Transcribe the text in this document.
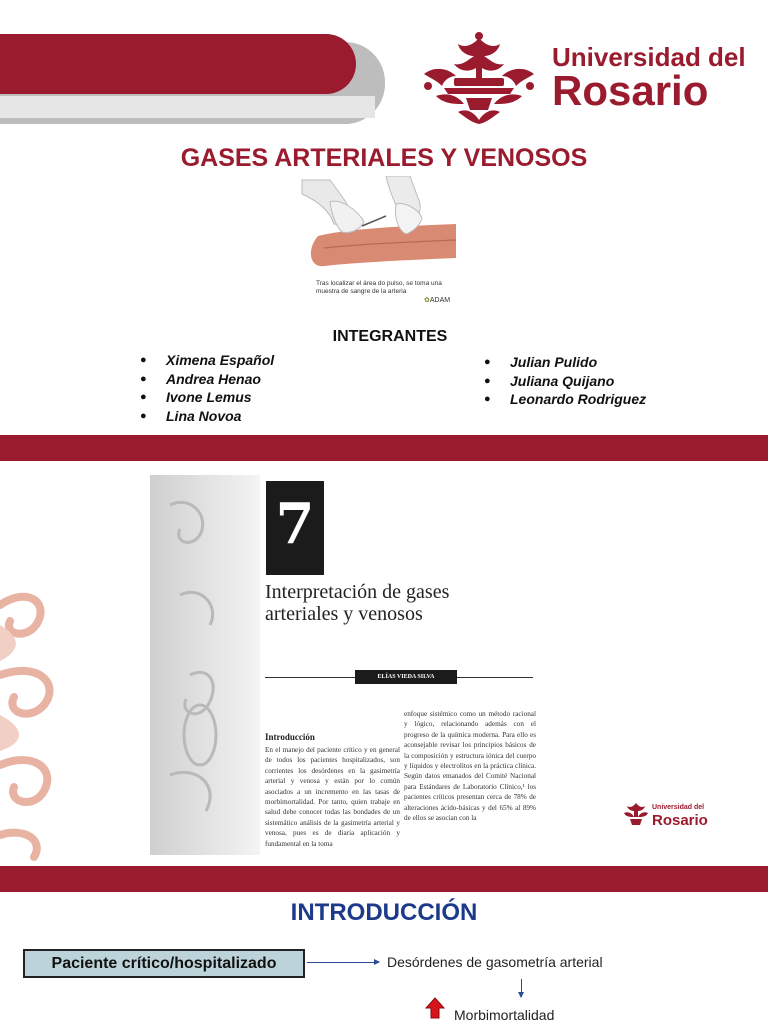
Universidad del
Rosario
GASES ARTERIALES Y VENOSOS
Tras localizar el área do pulso, se toma una muestra de sangre de la arteria
✿ADAM
INTEGRANTES
● Ximena Español
● Andrea Henao
● Ivone Lemus
● Lina Novoa
● Julian Pulido
● Juliana Quijano
● Leonardo Rodriguez
7
Interpretación de gases arteriales y venosos
ELÍAS VIEDA SILVA
Introducción
En el manejo del paciente crítico y en general de todos los pacientes hospitalizados, son corrientes los desórdenes en la gasimetría arterial y venosa y están por lo común asociados a un incremento en las tasas de morbimortalidad. Por tanto, quien trabaje en salud debe conocer todas las bondades de un sistemático análisis de la gasimetría arterial y venosa, pues es de diaria aplicación y fundamental en la toma
enfoque sistémico como un método racional y lógico, relacionando además con el progreso de la química moderna. Para ello es aconsejable revisar los principios básicos de la composición y estructura iónica del cuerpo y líquidos y electrolitos en la práctica clínica. Según datos emanados del Comité Nacional para Estándares de Laboratorio Clínico,¹ los pacientes críticos presentan cerca de 78% de alteraciones ácido-básicas y del 65% al 89% de ellos se asocian con la
Universidad del
Rosario
INTRODUCCIÓN
Paciente crítico/hospitalizado	Desórdenes de gasometría arterial
Morbimortalidad
